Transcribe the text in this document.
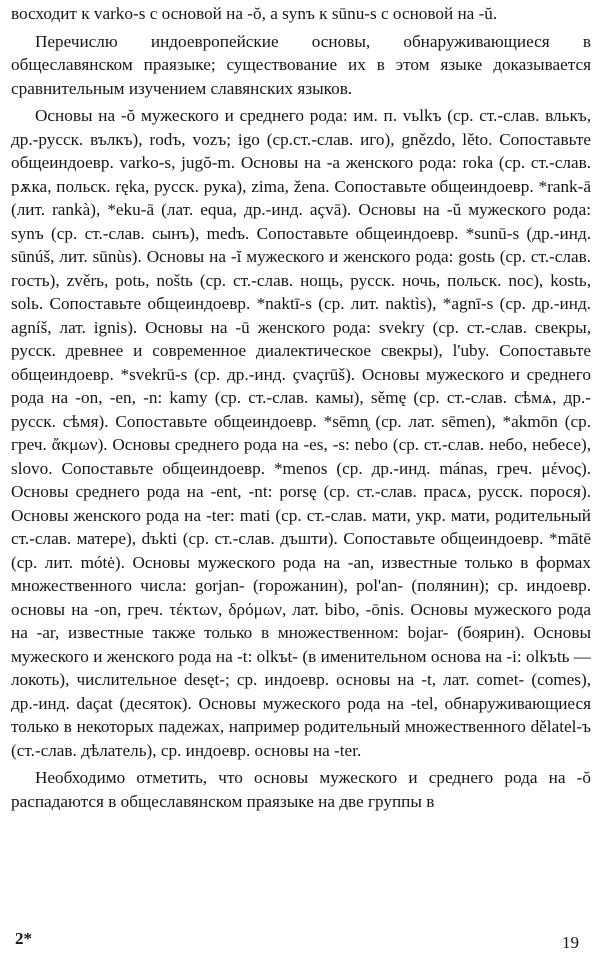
восходит к varko-s с основой на -ŏ, а synъ к sūnu-s с основой на -ŭ.

Перечислю индоевропейские основы, обнаруживающиеся в общеславянском праязыке; существование их в этом языке доказывается сравнительным изучением славянских языков.

Основы на -ŏ мужеского и среднего рода: им. п. vьlkъ (ср. ст.-слав. влькъ, др.-русск. вълкъ), rodъ, vozъ; igo (ср.ст.-слав. иго), gnězdo, lěto. Сопоставьте общеиндоевр. varko-s, jugŏ-m. Основы на -a женского рода: roka (ср. ст.-слав. рѫка, польск. ręka, русск. рука), zima, žena. Сопоставьте общеиндоевр. *rank-ā (лит. rankà), *eku-ā (лат. equa, др.-инд. açvā). Основы на -ŭ мужеского рода: synъ (ср. ст.-слав. сынъ), medъ. Сопоставьте общеиндоевр. *sunū-s (др.-инд. sūnúš, лит. sūnùs). Основы на -ĭ мужеского и женского рода: gostь (ср. ст.-слав. гость), zvěrь, potь, noštь (ср. ст.-слав. нощь, русск. ночь, польск. noc), kostь, solь. Сопоставьте общеиндоевр. *naktī-s (ср. лит. naktìs), *agnī-s (ср. др.-инд. agníš, лат. ignis). Основы на -ū женского рода: svekry (ср. ст.-слав. свекры, русск. древнее и современное диалектическое свекры), l'uby. Сопоставьте общеиндоевр. *svekrū-s (ср. др.-инд. çvaçrūš). Основы мужеского и среднего рода на -on, -en, -n: kamy (ср. ст.-слав. камы), sěmę (ср. ст.-слав. сѣмѧ, др.-русск. сѣмя). Сопоставьте общеиндоевр. *sēmn̥ (ср. лат. sēmen), *akmōn (ср. греч. ἄκμων). Основы среднего рода на -es, -s: nebo (ср. ст.-слав. небо, небесе), slovo. Сопоставьте общеиндоевр. *menos (ср. др.-инд. mánas, греч. μένος). Основы среднего рода на -ent, -nt: porsę (ср. ст.-слав. прасѧ, русск. порося). Основы женского рода на -ter: mati (ср. ст.-слав. мати, укр. мати, родительный ст.-слав. матере), dъkti (ср. ст.-слав. дъшти). Сопоставьте общеиндоевр. *mātē (ср. лит. mótė). Основы мужеского рода на -an, известные только в формах множественного числа: gorjan- (горожанин), pol'an- (полянин); ср. индоевр. основы на -on, греч. τέκτων, δρόμων, лат. bibo, -ōnis. Основы мужеского рода на -ar, известные также только в множественном: bojar- (боярин). Основы мужеского и женского рода на -t: olkъt- (в именительном основа на -i: olkъtь — локоть), числительное desęt-; ср. индоевр. основы на -t, лат. comet- (comes), др.-инд. daçat (десяток). Основы мужеского рода на -tel, обнаруживающиеся только в некоторых падежах, например родительный множественного dělatel-ъ (ст.-слав. дѣлатель), ср. индоевр. основы на -ter.

Необходимо отметить, что основы мужеского и среднего рода на -ŏ распадаются в общеславянском праязыке на две группы в

2*	19
